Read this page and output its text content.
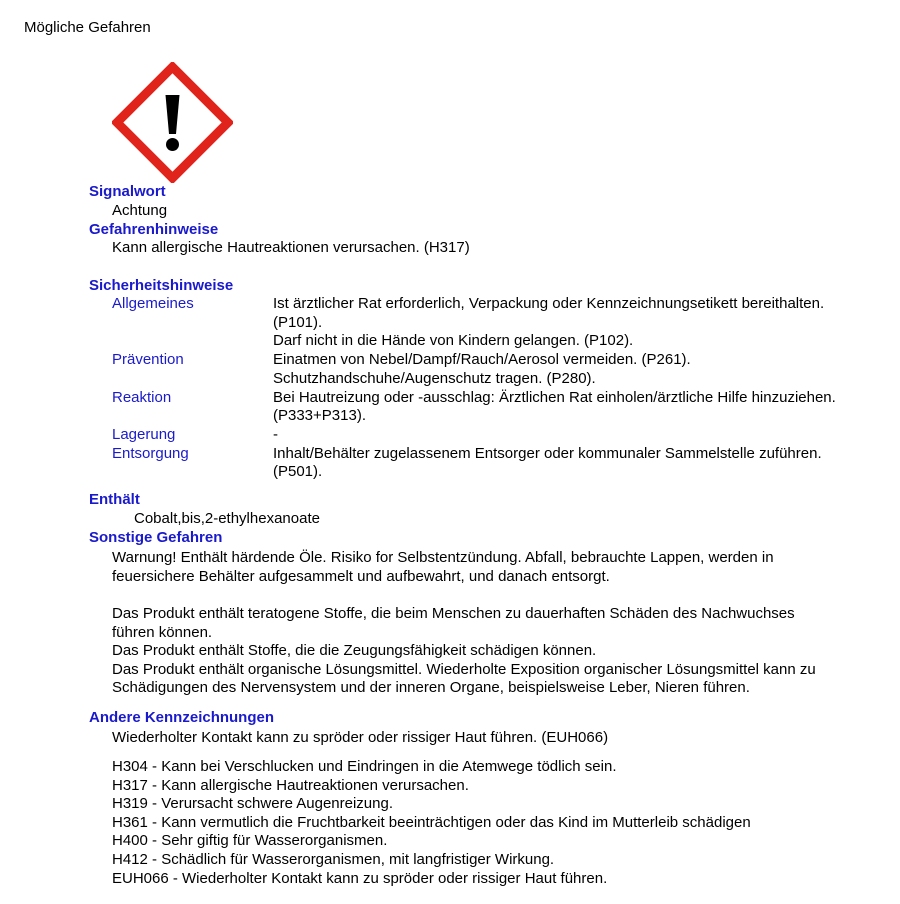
Mögliche Gefahren
Signalwort
Achtung
Gefahrenhinweise
Kann allergische Hautreaktionen verursachen. (H317)
Sicherheitshinweise
Allgemeines	Ist ärztlicher Rat erforderlich, Verpackung oder Kennzeichnungsetikett bereithalten.
(P101).
Darf nicht in die Hände von Kindern gelangen. (P102).
Prävention	Einatmen von Nebel/Dampf/Rauch/Aerosol vermeiden. (P261).
Schutzhandschuhe/Augenschutz tragen. (P280).
Reaktion	Bei Hautreizung oder -ausschlag: Ärztlichen Rat einholen/ärztliche Hilfe hinzuziehen.
(P333+P313).
Lagerung	-
Entsorgung	Inhalt/Behälter zugelassenem Entsorger oder kommunaler Sammelstelle zuführen.
(P501).
Enthält
Cobalt,bis,2-ethylhexanoate
Sonstige Gefahren
Warnung! Enthält härdende Öle. Risiko for Selbstentzündung. Abfall, bebrauchte Lappen, werden in
feuersichere Behälter aufgesammelt und aufbewahrt, und danach entsorgt.
Das Produkt enthält teratogene Stoffe, die beim Menschen zu dauerhaften Schäden des Nachwuchses
führen können.
Das Produkt enthält Stoffe, die die Zeugungsfähigkeit schädigen können.
Das Produkt enthält organische Lösungsmittel. Wiederholte Exposition organischer Lösungsmittel kann zu
Schädigungen des Nervensystem und der inneren Organe, beispielsweise Leber, Nieren führen.
Andere Kennzeichnungen
Wiederholter Kontakt kann zu spröder oder rissiger Haut führen. (EUH066)
H304 - Kann bei Verschlucken und Eindringen in die Atemwege tödlich sein.
H317 - Kann allergische Hautreaktionen verursachen.
H319 - Verursacht schwere Augenreizung.
H361 - Kann vermutlich die Fruchtbarkeit beeinträchtigen oder das Kind im Mutterleib schädigen
H400 - Sehr giftig für Wasserorganismen.
H412 - Schädlich für Wasserorganismen, mit langfristiger Wirkung.
EUH066 - Wiederholter Kontakt kann zu spröder oder rissiger Haut führen.
